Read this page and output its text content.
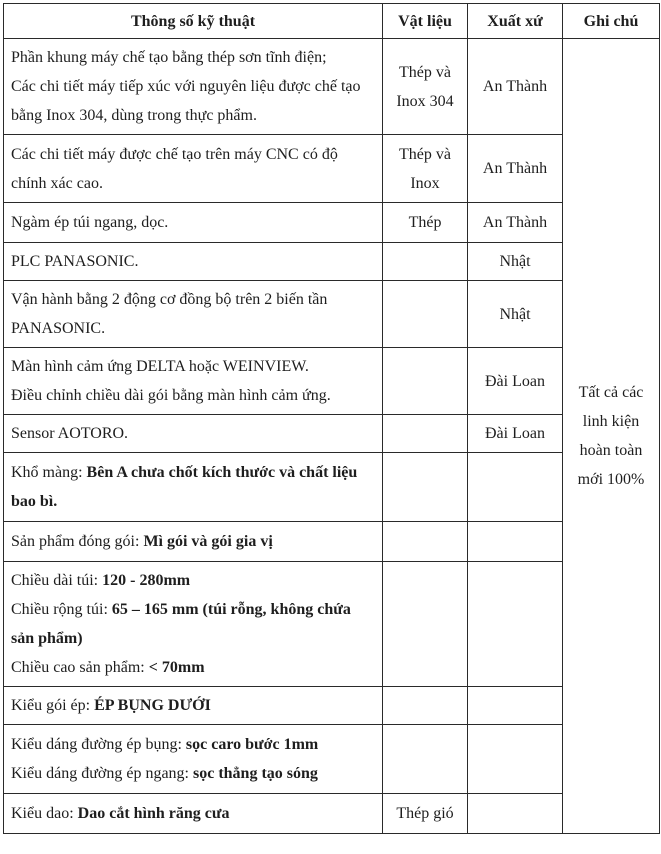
Thông số kỹ thuật	Vật liệu	Xuất xứ	Ghi chú

Phần khung máy chế tạo bằng thép sơn tĩnh điện;
Các chi tiết máy tiếp xúc với nguyên liệu được chế tạo bằng Inox 304, dùng trong thực phẩm.	Thép và
Inox 304	An Thành	Tất cả các
linh kiện
hoàn toàn
mới 100%

Các chi tiết máy được chế tạo trên máy CNC có độ chính xác cao.	Thép và
Inox	An Thành	

Ngàm ép túi ngang, dọc.	Thép	An Thành	

PLC PANASONIC.		Nhật	

Vận hành bằng 2 động cơ đồng bộ trên 2 biến tần PANASONIC.		Nhật	

Màn hình cảm ứng DELTA hoặc WEINVIEW.
Điều chỉnh chiều dài gói bằng màn hình cảm ứng.		Đài Loan	

Sensor AOTORO.		Đài Loan	

Khổ màng: Bên A chưa chốt kích thước và chất liệu bao bì.			

Sản phẩm đóng gói: Mì gói và gói gia vị			

Chiều dài túi: 120 - 280mm
Chiều rộng túi: 65 – 165 mm (túi rỗng, không chứa sản phẩm)
Chiều cao sản phẩm: < 70mm			

Kiểu gói ép: ÉP BỤNG DƯỚI			

Kiểu dáng đường ép bụng: sọc caro bước 1mm
Kiểu dáng đường ép ngang: sọc thẳng tạo sóng			

Kiểu dao: Dao cắt hình răng cưa	Thép gió		
